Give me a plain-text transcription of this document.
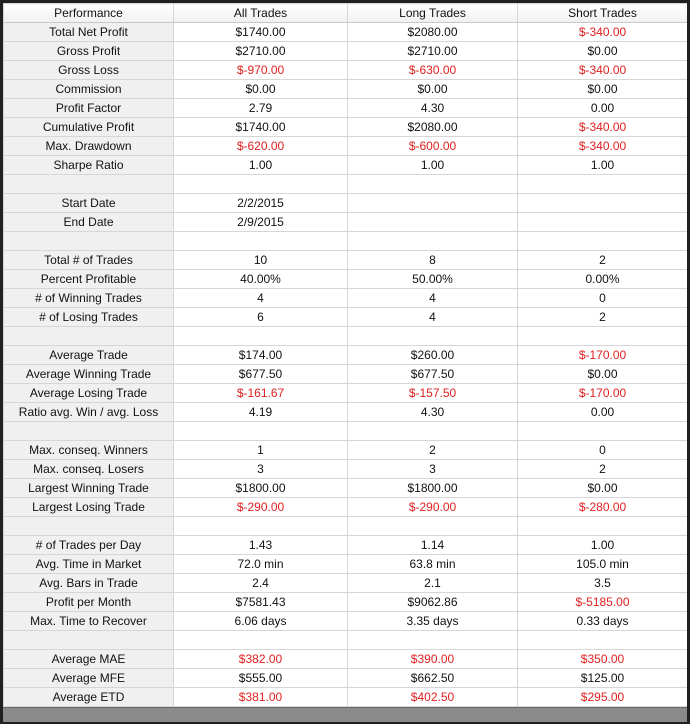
Performance	All Trades	Long Trades	Short Trades
Total Net Profit	$1740.00	$2080.00	$-340.00
Gross Profit	$2710.00	$2710.00	$0.00
Gross Loss	$-970.00	$-630.00	$-340.00
Commission	$0.00	$0.00	$0.00
Profit Factor	2.79	4.30	0.00
Cumulative Profit	$1740.00	$2080.00	$-340.00
Max. Drawdown	$-620.00	$-600.00	$-340.00
Sharpe Ratio	1.00	1.00	1.00

Start Date	2/2/2015		
End Date	2/9/2015		

Total # of Trades	10	8	2
Percent Profitable	40.00%	50.00%	0.00%
# of Winning Trades	4	4	0
# of Losing Trades	6	4	2

Average Trade	$174.00	$260.00	$-170.00
Average Winning Trade	$677.50	$677.50	$0.00
Average Losing Trade	$-161.67	$-157.50	$-170.00
Ratio avg. Win / avg. Loss	4.19	4.30	0.00

Max. conseq. Winners	1	2	0
Max. conseq. Losers	3	3	2
Largest Winning Trade	$1800.00	$1800.00	$0.00
Largest Losing Trade	$-290.00	$-290.00	$-280.00

# of Trades per Day	1.43	1.14	1.00
Avg. Time in Market	72.0 min	63.8 min	105.0 min
Avg. Bars in Trade	2.4	2.1	3.5
Profit per Month	$7581.43	$9062.86	$-5185.00
Max. Time to Recover	6.06 days	3.35 days	0.33 days

Average MAE	$382.00	$390.00	$350.00
Average MFE	$555.00	$662.50	$125.00
Average ETD	$381.00	$402.50	$295.00
